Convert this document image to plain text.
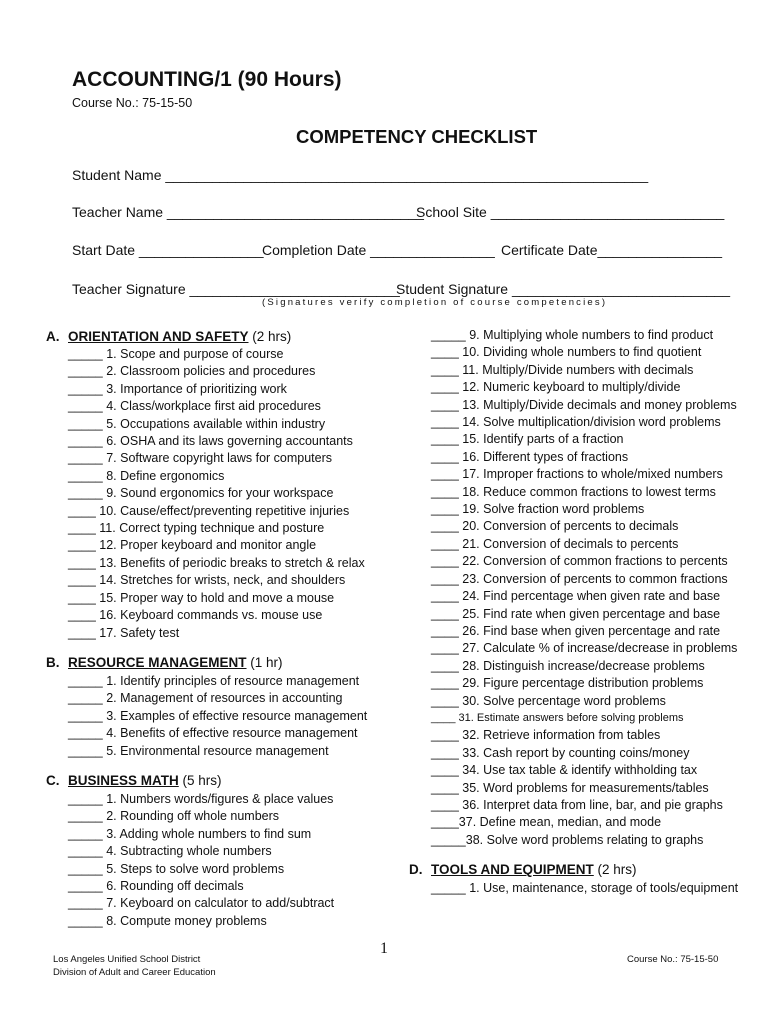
ACCOUNTING/1 (90 Hours)
Course No.: 75-15-50
COMPETENCY CHECKLIST
Student Name ______________________________________________________________
Teacher Name _________________________________
School Site ______________________________
Start Date ________________
Completion Date ________________ Certificate Date________________
Teacher Signature ___________________________
Student Signature ____________________________
(Signatures verify completion of course competencies)
A. ORIENTATION AND SAFETY (2 hrs)
_____ 1. Scope and purpose of course
_____ 2. Classroom policies and procedures
_____ 3. Importance of prioritizing work
_____ 4. Class/workplace first aid procedures
_____ 5. Occupations available within industry
_____ 6. OSHA and its laws governing accountants
_____ 7. Software copyright laws for computers
_____ 8. Define ergonomics
_____ 9. Sound ergonomics for your workspace
____ 10. Cause/effect/preventing repetitive injuries
____ 11. Correct typing technique and posture
____ 12. Proper keyboard and monitor angle
____ 13. Benefits of periodic breaks to stretch & relax
____ 14. Stretches for wrists, neck, and shoulders
____ 15. Proper way to hold and move a mouse
____ 16. Keyboard commands vs. mouse use
____ 17. Safety test
B. RESOURCE MANAGEMENT (1 hr)
_____ 1. Identify principles of resource management
_____ 2. Management of resources in accounting
_____ 3. Examples of effective resource management
_____ 4. Benefits of effective resource management
_____ 5. Environmental resource management
C. BUSINESS MATH (5 hrs)
_____ 1. Numbers words/figures & place values
_____ 2. Rounding off whole numbers
_____ 3. Adding whole numbers to find sum
_____ 4. Subtracting whole numbers
_____ 5. Steps to solve word problems
_____ 6. Rounding off decimals
_____ 7. Keyboard on calculator to add/subtract
_____ 8. Compute money problems
_____ 9. Multiplying whole numbers to find product
____ 10. Dividing whole numbers to find quotient
____ 11. Multiply/Divide numbers with decimals
____ 12. Numeric keyboard to multiply/divide
____ 13. Multiply/Divide decimals and money problems
____ 14. Solve multiplication/division word problems
____ 15. Identify parts of a fraction
____ 16. Different types of fractions
____ 17. Improper fractions to whole/mixed numbers
____ 18. Reduce common fractions to lowest terms
____ 19. Solve fraction word problems
____ 20. Conversion of percents to decimals
____ 21. Conversion of decimals to percents
____ 22. Conversion of common fractions to percents
____ 23. Conversion of percents to common fractions
____ 24. Find percentage when given rate and base
____ 25. Find rate when given percentage and base
____ 26. Find base when given percentage and rate
____ 27. Calculate % of increase/decrease in problems
____ 28. Distinguish increase/decrease problems
____ 29. Figure percentage distribution problems
____ 30. Solve percentage word problems
____ 31. Estimate answers before solving problems
____ 32. Retrieve information from tables
____ 33. Cash report by counting coins/money
____ 34. Use tax table & identify withholding tax
____ 35. Word problems for measurements/tables
____ 36. Interpret data from line, bar, and pie graphs
____37. Define mean, median, and mode
_____38. Solve word problems relating to graphs
D. TOOLS AND EQUIPMENT (2 hrs)
_____ 1. Use, maintenance, storage of tools/equipment
1
Los Angeles Unified School District
Division of Adult and Career Education
Course No.: 75-15-50
